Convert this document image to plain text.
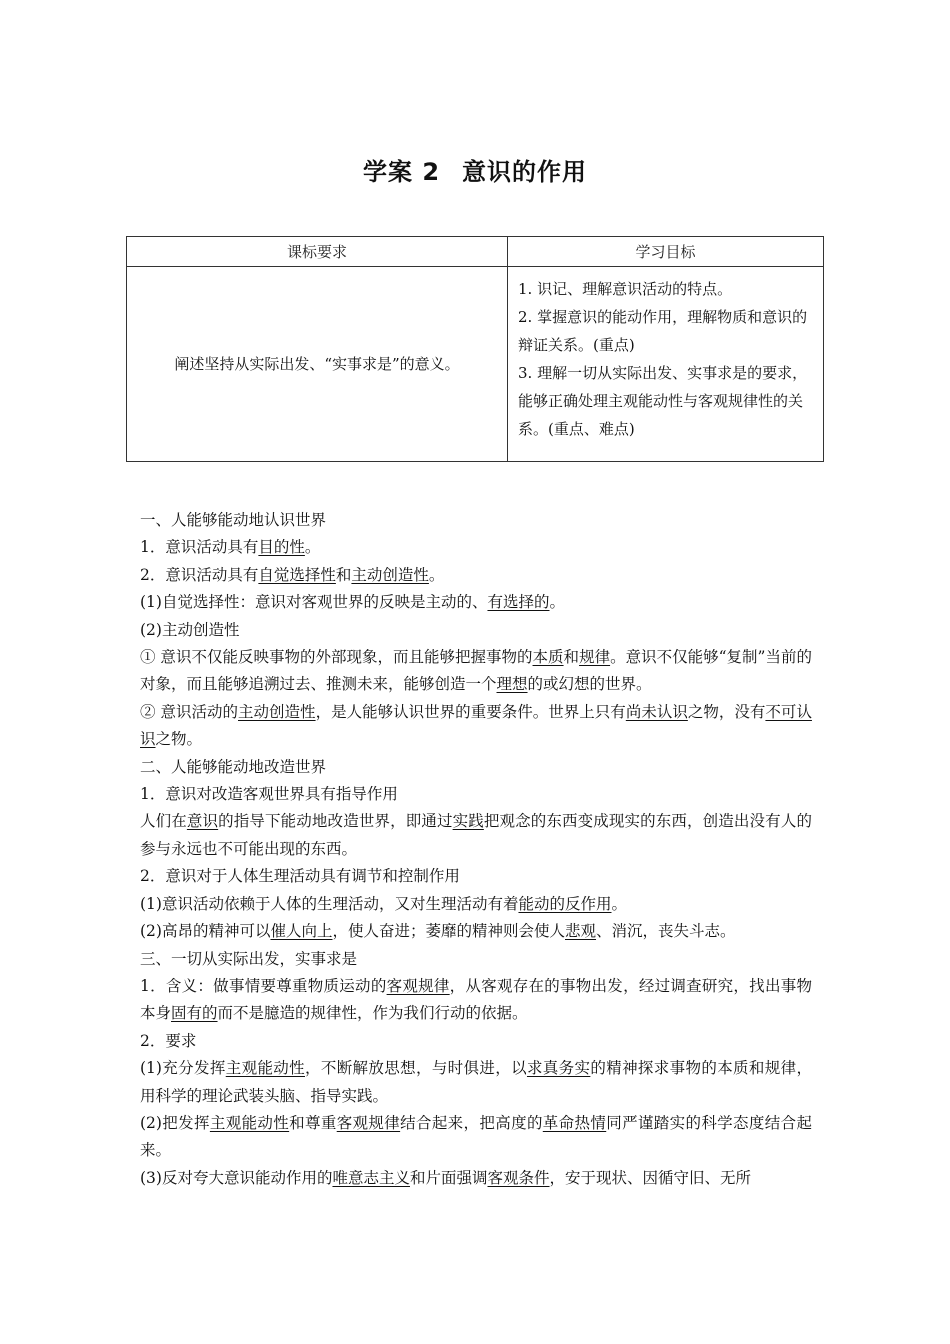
学案 2 意识的作用
课标要求	学习目标
阐述坚持从实际出发、“实事求是”的意义。	1. 识记、理解意识活动的特点。
2. 掌握意识的能动作用，理解物质和意识的辩证关系。(重点)
3. 理解一切从实际出发、实事求是的要求，能够正确处理主观能动性与客观规律性的关系。(重点、难点)
一、人能够能动地认识世界
1．意识活动具有目的性。
2．意识活动具有自觉选择性和主动创造性。
(1)自觉选择性：意识对客观世界的反映是主动的、有选择的。
(2)主动创造性
① 意识不仅能反映事物的外部现象，而且能够把握事物的本质和规律。意识不仅能够“复制”当前的对象，而且能够追溯过去、推测未来，能够创造一个理想的或幻想的世界。
② 意识活动的主动创造性，是人能够认识世界的重要条件。世界上只有尚未认识之物，没有不可认识之物。
二、人能够能动地改造世界
1．意识对改造客观世界具有指导作用
人们在意识的指导下能动地改造世界，即通过实践把观念的东西变成现实的东西，创造出没有人的参与永远也不可能出现的东西。
2．意识对于人体生理活动具有调节和控制作用
(1)意识活动依赖于人体的生理活动，又对生理活动有着能动的反作用。
(2)高昂的精神可以催人向上，使人奋进；萎靡的精神则会使人悲观、消沉，丧失斗志。
三、一切从实际出发，实事求是
1．含义：做事情要尊重物质运动的客观规律，从客观存在的事物出发，经过调查研究，找出事物本身固有的而不是臆造的规律性，作为我们行动的依据。
2．要求
(1)充分发挥主观能动性，不断解放思想，与时俱进，以求真务实的精神探求事物的本质和规律，用科学的理论武装头脑、指导实践。
(2)把发挥主观能动性和尊重客观规律结合起来，把高度的革命热情同严谨踏实的科学态度结合起来。
(3)反对夸大意识能动作用的唯意志主义和片面强调客观条件，安于现状、因循守旧、无所
